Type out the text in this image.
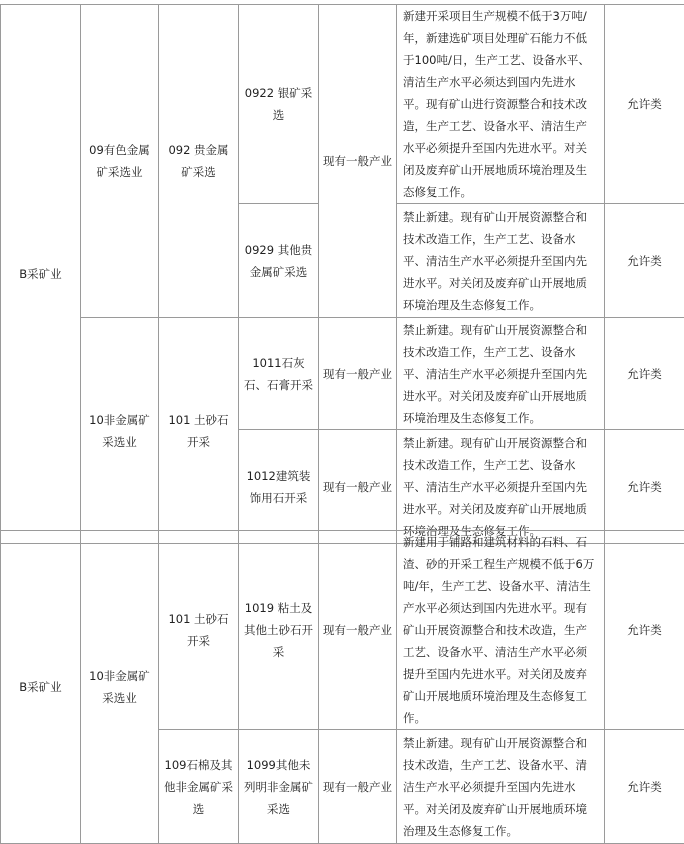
B采矿业	09有色金属矿采选业	092 贵金属矿采选	0922 银矿采选	现有一般产业	新建开采项目生产规模不低于3万吨/年，新建选矿项目处理矿石能力不低于100吨/日，生产工艺、设备水平、清洁生产水平必须达到国内先进水平。现有矿山进行资源整合和技术改造，生产工艺、设备水平、清洁生产水平必须提升至国内先进水平。对关闭及废弃矿山开展地质环境治理及生态修复工作。	允许类
			0929 其他贵金属矿采选		禁止新建。现有矿山开展资源整合和技术改造工作，生产工艺、设备水平、清洁生产水平必须提升至国内先进水平。对关闭及废弃矿山开展地质环境治理及生态修复工作。	允许类
	10非金属矿采选业	101 土砂石开采	1011石灰石、石膏开采	现有一般产业	禁止新建。现有矿山开展资源整合和技术改造工作，生产工艺、设备水平、清洁生产水平必须提升至国内先进水平。对关闭及废弃矿山开展地质环境治理及生态修复工作。	允许类
			1012建筑装饰用石开采	现有一般产业	禁止新建。现有矿山开展资源整合和技术改造工作，生产工艺、设备水平、清洁生产水平必须提升至国内先进水平。对关闭及废弃矿山开展地质环境治理及生态修复工作。	允许类
B采矿业	10非金属矿采选业	101 土砂石开采	1019 粘土及其他土砂石开采	现有一般产业	新建用于铺路和建筑材料的石料、石渣、砂的开采工程生产规模不低于6万吨/年，生产工艺、设备水平、清洁生产水平必须达到国内先进水平。现有矿山开展资源整合和技术改造，生产工艺、设备水平、清洁生产水平必须提升至国内先进水平。对关闭及废弃矿山开展地质环境治理及生态修复工作。	允许类
		109石棉及其他非金属矿采选	1099其他未列明非金属矿采选	现有一般产业	禁止新建。现有矿山开展资源整合和技术改造，生产工艺、设备水平、清洁生产水平必须提升至国内先进水平。对关闭及废弃矿山开展地质环境治理及生态修复工作。	允许类
